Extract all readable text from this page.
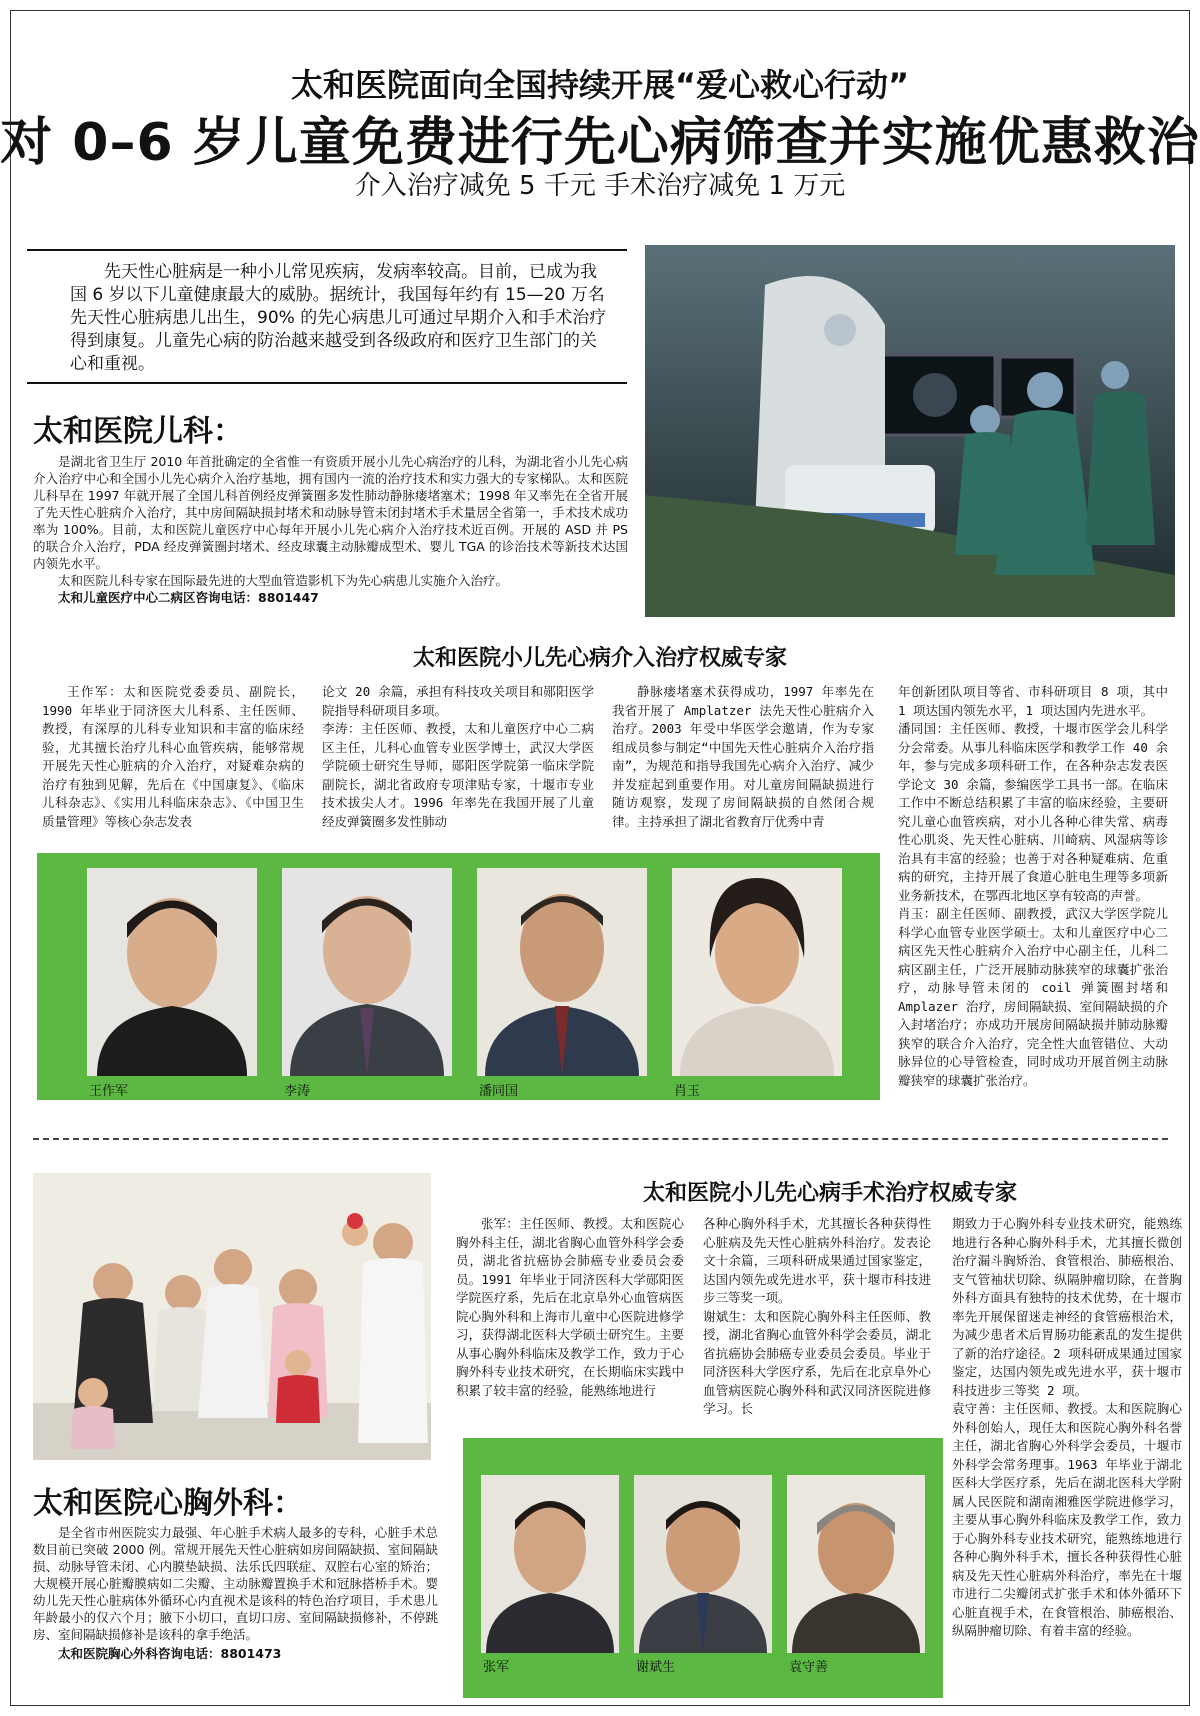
太和医院面向全国持续开展“爱心救心行动”
对 0–6 岁儿童免费进行先心病筛查并实施优惠救治
介入治疗减免 5 千元 手术治疗减免 1 万元
先天性心脏病是一种小儿常见疾病，发病率较高。目前，已成为我国 6 岁以下儿童健康最大的威胁。据统计，我国每年约有 15—20 万名先天性心脏病患儿出生，90% 的先心病患儿可通过早期介入和手术治疗得到康复。儿童先心病的防治越来越受到各级政府和医疗卫生部门的关心和重视。
太和医院儿科：

是湖北省卫生厅 2010 年首批确定的全省惟一有资质开展小儿先心病治疗的儿科，为湖北省小儿先心病介入治疗中心和全国小儿先心病介入治疗基地，拥有国内一流的治疗技术和实力强大的专家梯队。太和医院儿科早在 1997 年就开展了全国儿科首例经皮弹簧圈多发性肺动静脉瘘堵塞术；1998 年又率先在全省开展了先天性心脏病介入治疗，其中房间隔缺损封堵术和动脉导管未闭封堵术手术量居全省第一，手术技术成功率为 100%。目前，太和医院儿童医疗中心每年开展小儿先心病介入治疗技术近百例。开展的 ASD 并 PS 的联合介入治疗，PDA 经皮弹簧圈封堵术、经皮球囊主动脉瓣成型术、婴儿 TGA 的诊治技术等新技术达国内领先水平。

太和医院儿科专家在国际最先进的大型血管造影机下为先心病患儿实施介入治疗。

太和儿童医疗中心二病区咨询电话：8801447
太和医院小儿先心病介入治疗权威专家

王作军：太和医院党委委员、副院长，1990 年毕业于同济医大儿科系、主任医师、教授，有深厚的儿科专业知识和丰富的临床经验，尤其擅长治疗儿科心血管疾病，能够常规开展先天性心脏病的介入治疗，对疑难杂病的治疗有独到见解，先后在《中国康复》、《临床儿科杂志》、《实用儿科临床杂志》、《中国卫生质量管理》等核心杂志发表

论文 20 余篇，承担有科技攻关项目和郧阳医学院指导科研项目多项。
李涛：主任医师、教授，太和儿童医疗中心二病区主任，儿科心血管专业医学博士，武汉大学医学院硕士研究生导师，郧阳医学院第一临床学院副院长，湖北省政府专项津贴专家，十堰市专业技术拔尖人才。1996 年率先在我国开展了儿童经皮弹簧圈多发性肺动

静脉瘘堵塞术获得成功，1997 年率先在我省开展了 Amplatzer 法先天性心脏病介入治疗。2003 年受中华医学会邀请，作为专家组成员参与制定“中国先天性心脏病介入治疗指南”，为规范和指导我国先心病介入治疗、减少并发症起到重要作用。对儿童房间隔缺损进行随访观察，发现了房间隔缺损的自然闭合规律。主持承担了湖北省教育厅优秀中青

年创新团队项目等省、市科研项目 8 项，其中 1 项达国内领先水平，1 项达国内先进水平。
潘同国：主任医师、教授，十堰市医学会儿科学分会常委。从事儿科临床医学和教学工作 40 余年，参与完成多项科研工作，在各种杂志发表医学论文 30 余篇，参编医学工具书一部。在临床工作中不断总结积累了丰富的临床经验，主要研究儿童心血管疾病，对小儿各种心律失常、病毒性心肌炎、先天性心脏病、川崎病、风湿病等诊治具有丰富的经验；也善于对各种疑难病、危重病的研究，主持开展了食道心脏电生理等多项新业务新技术，在鄂西北地区享有较高的声誉。
肖玉：副主任医师、副教授，武汉大学医学院儿科学心血管专业医学硕士。太和儿童医疗中心二病区先天性心脏病介入治疗中心副主任，儿科二病区副主任，广泛开展肺动脉狭窄的球囊扩张治疗，动脉导管未闭的 coil 弹簧圈封堵和 Amplazer 治疗，房间隔缺损、室间隔缺损的介入封堵治疗；亦成功开展房间隔缺损并肺动脉瓣狭窄的联合介入治疗，完全性大血管错位、大动脉异位的心导管检查，同时成功开展首例主动脉瓣狭窄的球囊扩张治疗。
王作军	李涛	潘同国	肖玉
太和医院小儿先心病手术治疗权威专家

张军：主任医师、教授。太和医院心胸外科主任，湖北省胸心血管外科学会委员，湖北省抗癌协会肺癌专业委员会委员。1991 年毕业于同济医科大学郧阳医学院医疗系，先后在北京阜外心血管病医院心胸外科和上海市儿童中心医院进修学习，获得湖北医科大学硕士研究生。主要从事心胸外科临床及教学工作，致力于心胸外科专业技术研究，在长期临床实践中积累了较丰富的经验，能熟练地进行

各种心胸外科手术，尤其擅长各种获得性心脏病及先天性心脏病外科治疗。发表论文十余篇，三项科研成果通过国家鉴定，达国内领先或先进水平，获十堰市科技进步三等奖一项。
谢斌生：太和医院心胸外科主任医师、教授，湖北省胸心血管外科学会委员，湖北省抗癌协会肺癌专业委员会委员。毕业于同济医科大学医疗系，先后在北京阜外心血管病医院心胸外科和武汉同济医院进修学习。长
期致力于心胸外科专业技术研究，能熟练地进行各种心胸外科手术，尤其擅长微创治疗漏斗胸矫治、食管根治、肺癌根治、支气管袖状切除、纵隔肿瘤切除，在普胸外科方面具有独特的技术优势，在十堰市率先开展保留迷走神经的食管癌根治术，为减少患者术后胃肠功能紊乱的发生提供了新的治疗途径。2 项科研成果通过国家鉴定，达国内领先或先进水平，获十堰市科技进步三等奖 2 项。
袁守善：主任医师、教授。太和医院胸心外科创始人，现任太和医院心胸外科名誉主任，湖北省胸心外科学会委员，十堰市外科学会常务理事。1963 年毕业于湖北医科大学医疗系，先后在湖北医科大学附属人民医院和湖南湘雅医学院进修学习，主要从事心胸外科临床及教学工作，致力于心胸外科专业技术研究，能熟练地进行各种心胸外科手术，擅长各种获得性心脏病及先天性心脏病外科治疗，率先在十堰市进行二尖瓣闭式扩张手术和体外循环下心脏直视手术，在食管根治、肺癌根治、纵隔肿瘤切除、有着丰富的经验。
张军	谢斌生	袁守善
太和医院心胸外科：

是全省市州医院实力最强、年心脏手术病人最多的专科，心脏手术总数目前已突破 2000 例。常规开展先天性心脏病如房间隔缺损、室间隔缺损、动脉导管未闭、心内膜垫缺损、法乐氏四联症、双腔右心室的矫治；大规模开展心脏瓣膜病如二尖瓣、主动脉瓣置换手术和冠脉搭桥手术。婴幼儿先天性心脏病体外循环心内直视术是该科的特色治疗项目，手术患儿年龄最小的仅六个月；腋下小切口，直切口房、室间隔缺损修补，不停跳房、室间隔缺损修补是该科的拿手绝活。

太和医院胸心外科咨询电话：8801473
